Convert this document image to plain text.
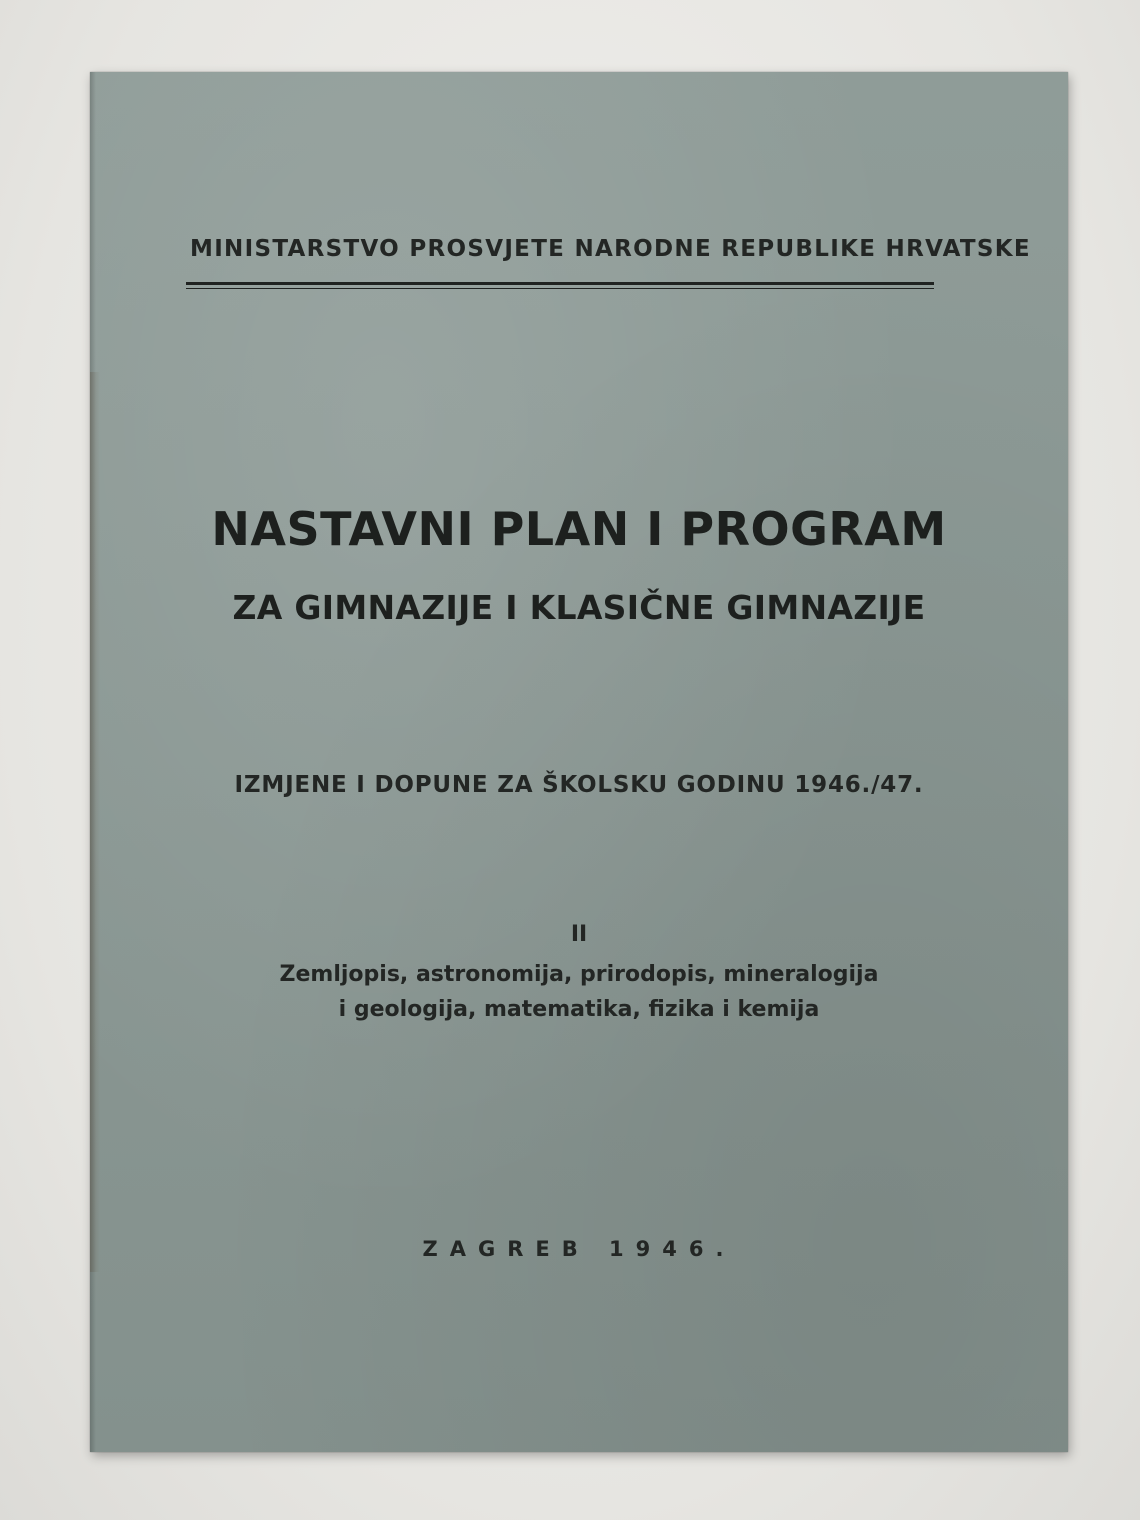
MINISTARSTVO PROSVJETE NARODNE REPUBLIKE HRVATSKE
NASTAVNI PLAN I PROGRAM
ZA GIMNAZIJE I KLASIČNE GIMNAZIJE
IZMJENE I DOPUNE ZA ŠKOLSKU GODINU 1946./47.
II
Zemljopis, astronomija, prirodopis, mineralogija
i geologija, matematika, fizika i kemija
ZAGREB 1946.
